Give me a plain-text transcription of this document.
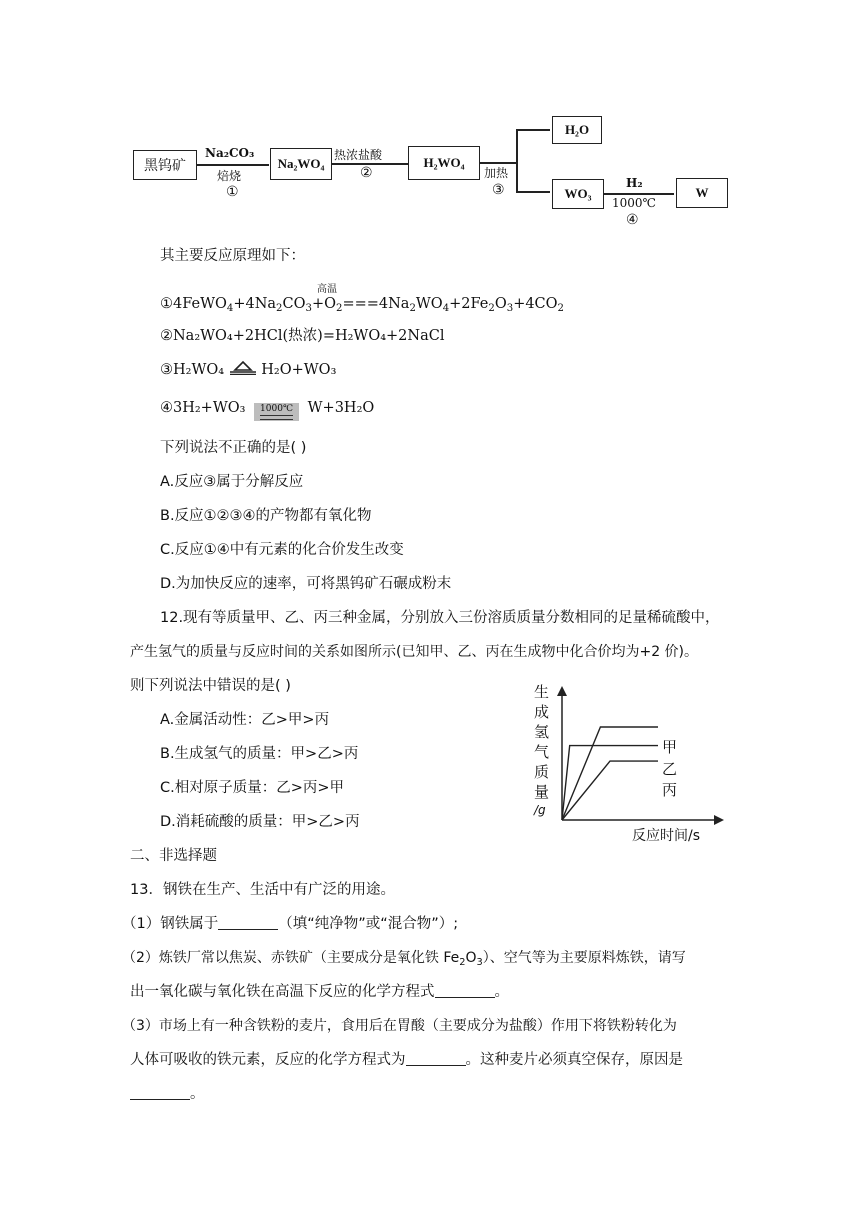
黑钨矿
Na₂CO₃
焙烧
①
Na₂WO₄
热浓盐酸
②
H₂WO₄
加热
③
H₂O
WO₃
H₂
1000℃
④
W
其主要反应原理如下：
高温
$①4FeWO_4+4Na_2CO_3+O_2===4Na_2WO_4+2Fe_2O_3+4CO_2$
②Na₂WO₄+2HCl(热浓)=H₂WO₄+2NaCl
③H₂WO₄	H₂O+WO₃
④3H₂+WO₃ 1000℃ W+3H₂O
下列说法不正确的是( )
A.反应③属于分解反应
B.反应①②③④的产物都有氧化物
C.反应①④中有元素的化合价发生改变
D.为加快反应的速率，可将黑钨矿石碾成粉末
12.现有等质量甲、乙、丙三种金属，分别放入三份溶质质量分数相同的足量稀硫酸中，
产生氢气的质量与反应时间的关系如图所示(已知甲、乙、丙在生成物中化合价均为+2 价)。
则下列说法中错误的是( )
A.金属活动性：乙>甲>丙
B.生成氢气的质量：甲>乙>丙
C.相对原子质量：乙>丙>甲
D.消耗硫酸的质量：甲>乙>丙
生
成
氢
气
质
量
/g
甲
乙
丙
反应时间/s
二、非选择题
13．钢铁在生产、生活中有广泛的用途。
（1）钢铁属于	（填“纯净物”或“混合物”）;
（2）炼铁厂常以焦炭、赤铁矿（主要成分是氧化铁 $Fe_2O_3$）、空气等为主要原料炼铁，请写
出一氧化碳与氧化铁在高温下反应的化学方程式	。
（3）市场上有一种含铁粉的麦片，食用后在胃酸（主要成分为盐酸）作用下将铁粉转化为
人体可吸收的铁元素，反应的化学方程式为	。这种麦片必须真空保存，原因是
。
